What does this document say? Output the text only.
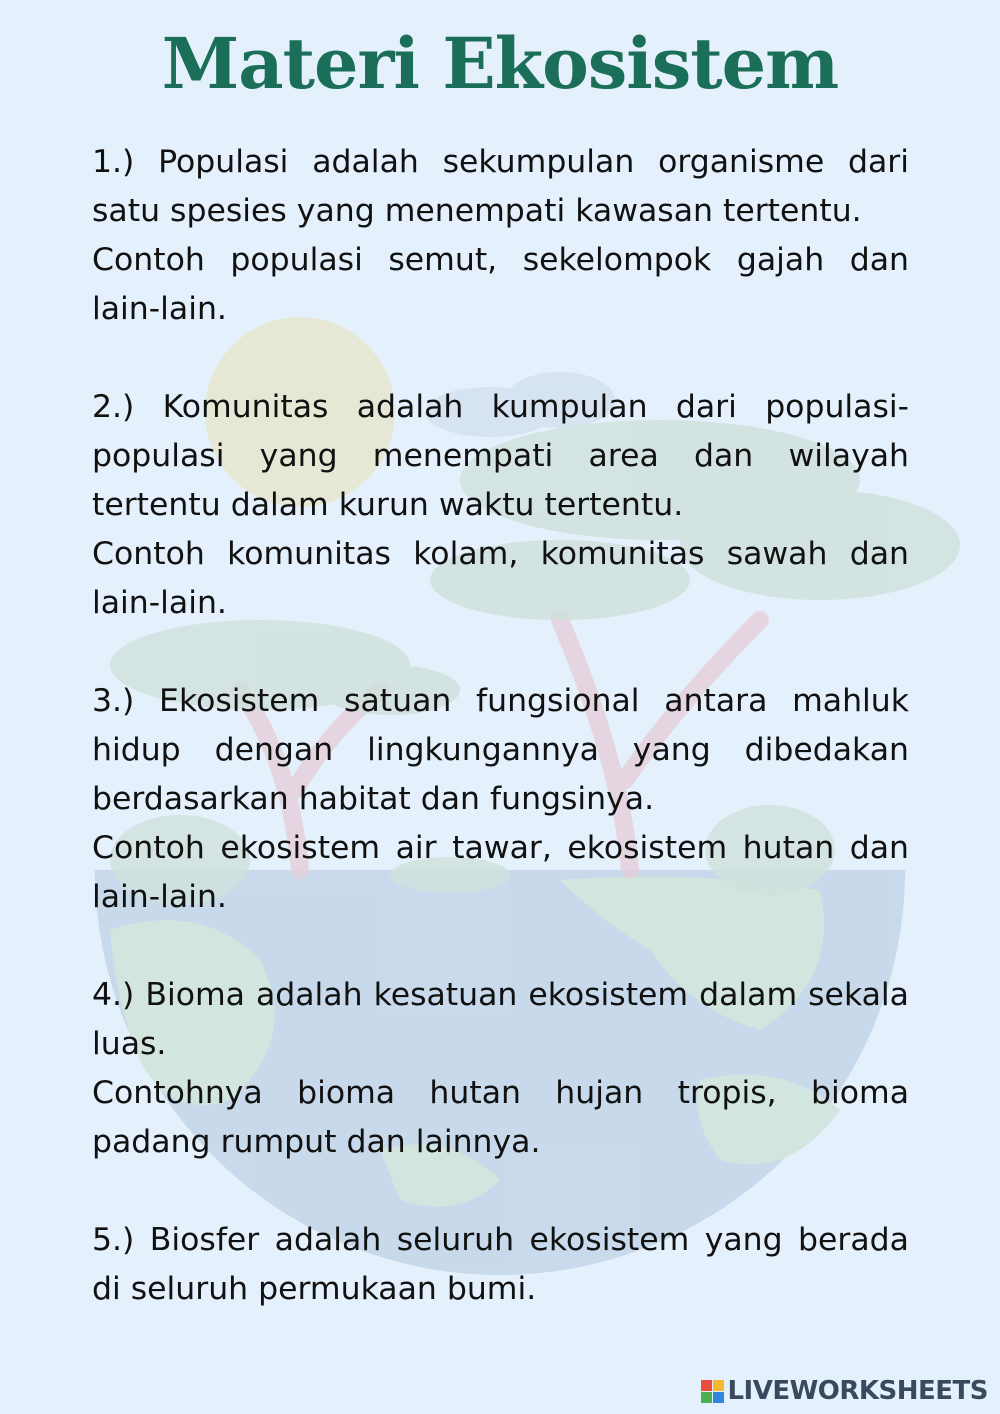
Materi Ekosistem

1.) Populasi adalah sekumpulan organisme dari satu spesies yang menempati kawasan tertentu.

Contoh populasi semut, sekelompok gajah dan lain-lain.

2.) Komunitas adalah kumpulan dari populasi-populasi yang menempati area dan wilayah tertentu dalam kurun waktu tertentu.

Contoh komunitas kolam, komunitas sawah dan lain-lain.

3.) Ekosistem satuan fungsional antara mahluk hidup dengan lingkungannya yang dibedakan berdasarkan habitat dan fungsinya.

Contoh ekosistem air tawar, ekosistem hutan dan lain-lain.

4.) Bioma adalah kesatuan ekosistem dalam sekala luas.

Contohnya bioma hutan hujan tropis, bioma padang rumput dan lainnya.

5.) Biosfer adalah seluruh ekosistem yang berada di seluruh permukaan bumi.

LIVEWORKSHEETS
